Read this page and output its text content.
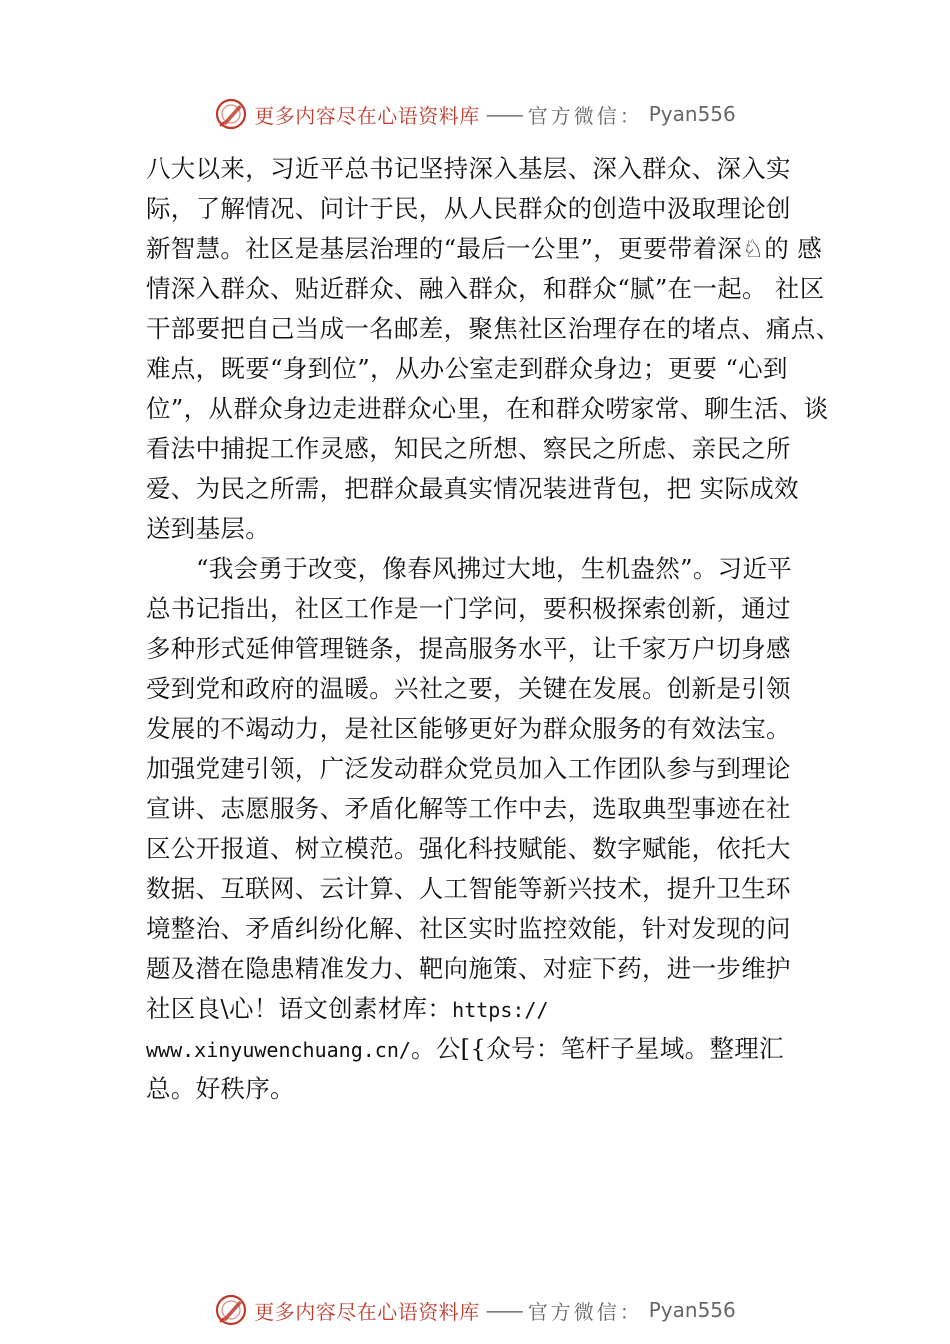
更多内容尽在心语资料库 —— 官方微信： Pyan556
八大以来，习近平总书记坚持深入基层、深入群众、深入实
际，了解情况、问计于民，从人民群众的创造中汲取理论创
新智慧。社区是基层治理的“最后一公里”，更要带着深♘的 感
情深入群众、贴近群众、融入群众，和群众“腻”在一起。 社区
干部要把自己当成一名邮差，聚焦社区治理存在的堵点、痛点、
难点，既要“身到位”，从办公室走到群众身边；更要 “心到
位”，从群众身边走进群众心里，在和群众唠家常、聊生活、谈
看法中捕捉工作灵感，知民之所想、察民之所虑、亲民之所
爱、为民之所需，把群众最真实情况装进背包，把 实际成效
送到基层。
“我会勇于改变，像春风拂过大地，生机盎然”。习近平
总书记指出，社区工作是一门学问，要积极探索创新，通过
多种形式延伸管理链条，提高服务水平，让千家万户切身感
受到党和政府的温暖。兴社之要，关键在发展。创新是引领
发展的不竭动力，是社区能够更好为群众服务的有效法宝。
加强党建引领，广泛发动群众党员加入工作团队参与到理论
宣讲、志愿服务、矛盾化解等工作中去，选取典型事迹在社
区公开报道、树立模范。强化科技赋能、数字赋能，依托大
数据、互联网、云计算、人工智能等新兴技术，提升卫生环
境整治、矛盾纠纷化解、社区实时监控效能，针对发现的问
题及潜在隐患精准发力、靶向施策、对症下药，进一步维护
社区良\心！语文创素材库：https://
www.xinyuwenchuang.cn/。公[{众号：笔杆子星域。整理汇
总。好秩序。
更多内容尽在心语资料库 —— 官方微信： Pyan556
